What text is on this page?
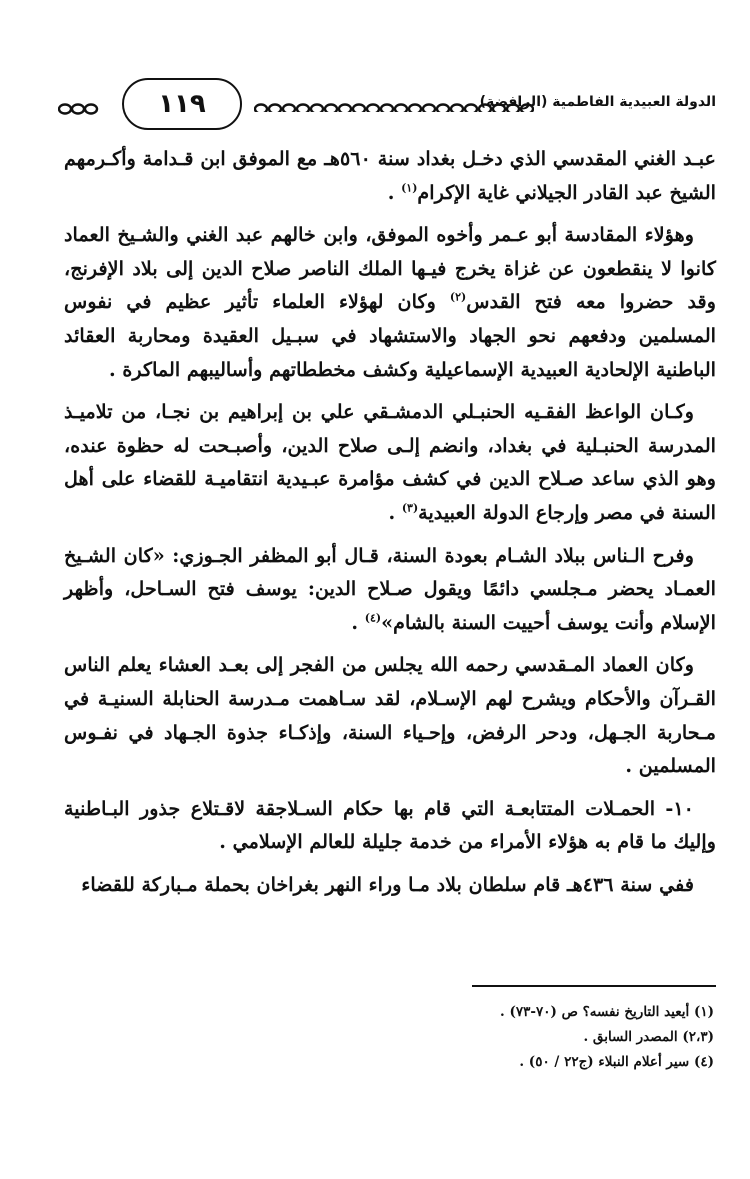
١١٩	الدولة العبيدية الفاطمية (الرافضة)

عبـد الغني المقدسي الذي دخـل بغداد سنة ٥٦٠هـ مع الموفق ابن قـدامة وأكـرمهم الشيخ عبد القادر الجيلاني غاية الإكرام$^{(١)}$ .

وهؤلاء المقادسة أبو عـمر وأخوه الموفق، وابن خالهم عبد الغني والشـيخ العماد كانوا لا ينقطعون عن غزاة يخرج فيـها الملك الناصر صلاح الدين إلى بلاد الإفرنج، وقد حضروا معه فتح القدس$^{(٢)}$ وكان لهؤلاء العلماء تأثير عظيم في نفوس المسلمين ودفعهم نحو الجهاد والاستشهاد في سبـيل العقيدة ومحاربة العقائد الباطنية الإلحادية العبيدية الإسماعيلية وكشف مخططاتهم وأساليبهم الماكرة .

وكـان الواعظ الفقـيه الحنبـلي الدمشـقي علي بن إبراهيم بن نجـا، من تلاميـذ المدرسة الحنبـلية في بغداد، وانضم إلـى صلاح الدين، وأصبـحت له حظوة عنده، وهو الذي ساعد صـلاح الدين في كشف مؤامرة عبـيدية انتقاميـة للقضاء على أهل السنة في مصر وإرجاع الدولة العبيدية$^{(٣)}$ .

وفرح الـناس ببلاد الشـام بعودة السنة، قـال أبو المظفر الجـوزي: «كان الشـيخ العمـاد يحضر مـجلسي دائمًا ويقول صـلاح الدين: يوسف فتح السـاحل، وأظهر الإسلام وأنت يوسف أحييت السنة بالشام»$^{(٤)}$ .

وكان العماد المـقدسي رحمه الله يجلس من الفجر إلى بعـد العشاء يعلم الناس القـرآن والأحكام ويشرح لهم الإسـلام، لقد سـاهمت مـدرسة الحنابلة السنيـة في مـحاربة الجـهل، ودحر الرفض، وإحـياء السنة، وإذكـاء جذوة الجـهاد في نفـوس المسلمين .

١٠- الحمـلات المتتابعـة التي قام بها حكام السـلاجقة لاقـتلاع جذور البـاطنية وإليك ما قام به هؤلاء الأمراء من خدمة جليلة للعالم الإسلامي .

ففي سنة ٤٣٦هـ قام سلطان بلاد مـا وراء النهر بغراخان بحملة مـباركة للقضاء

(١) أيعيد التاريخ نفسه؟ ص (٧٠-٧٣) .
(٢،٣) المصدر السابق .
(٤) سير أعلام النبلاء (ج٢٢ / ٥٠) .
